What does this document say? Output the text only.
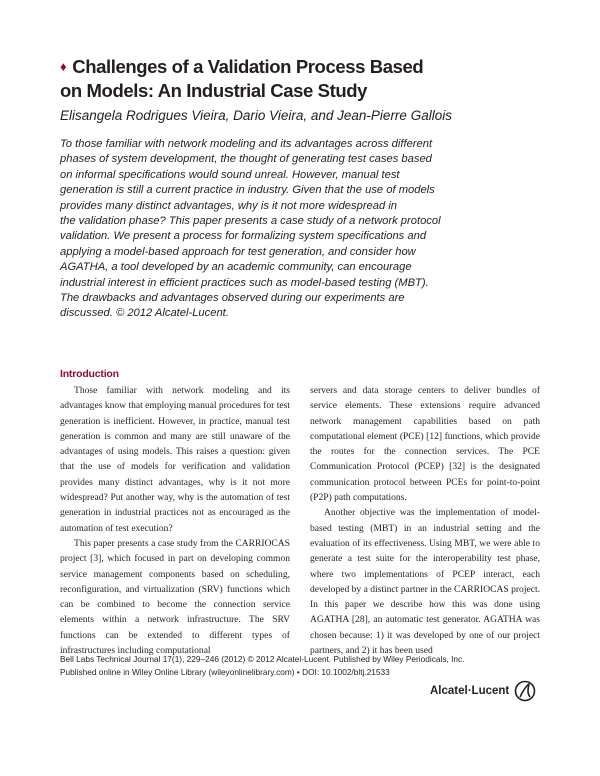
♦ Challenges of a Validation Process Based
on Models: An Industrial Case Study
Elisangela Rodrigues Vieira, Dario Vieira, and Jean-Pierre Gallois
To those familiar with network modeling and its advantages across different
phases of system development, the thought of generating test cases based
on informal specifications would sound unreal. However, manual test
generation is still a current practice in industry. Given that the use of models
provides many distinct advantages, why is it not more widespread in
the validation phase? This paper presents a case study of a network protocol
validation. We present a process for formalizing system specifications and
applying a model-based approach for test generation, and consider how
AGATHA, a tool developed by an academic community, can encourage
industrial interest in efficient practices such as model-based testing (MBT).
The drawbacks and advantages observed during our experiments are
discussed. © 2012 Alcatel-Lucent.
Introduction

Those familiar with network modeling and its advantages know that employing manual procedures for test generation is inefficient. However, in practice, manual test generation is common and many are still unaware of the advantages of using models. This raises a question: given that the use of models for verification and validation provides many distinct advantages, why is it not more widespread? Put another way, why is the automation of test generation in industrial practices not as encouraged as the automation of test execution?

This paper presents a case study from the CARRIOCAS project [3], which focused in part on developing common service management components based on scheduling, reconfiguration, and virtualization (SRV) functions which can be combined to become the connection service elements within a network infrastructure. The SRV functions can be extended to different types of infrastructures including computational

servers and data storage centers to deliver bundles of service elements. These extensions require advanced network management capabilities based on path computational element (PCE) [12] functions, which provide the routes for the connection services. The PCE Communication Protocol (PCEP) [32] is the designated communication protocol between PCEs for point-to-point (P2P) path computations.

Another objective was the implementation of model-based testing (MBT) in an industrial setting and the evaluation of its effectiveness. Using MBT, we were able to generate a test suite for the interoperability test phase, where two implementations of PCEP interact, each developed by a distinct partner in the CARRIOCAS project. In this paper we describe how this was done using AGATHA [28], an automatic test generator. AGATHA was chosen because: 1) it was developed by one of our project partners, and 2) it has been used

Bell Labs Technical Journal 17(1), 229–246 (2012) © 2012 Alcatel-Lucent. Published by Wiley Periodicals, Inc.
Published online in Wiley Online Library (wileyonlinelibrary.com) • DOI: 10.1002/bltj.21533
Alcatel·Lucent
